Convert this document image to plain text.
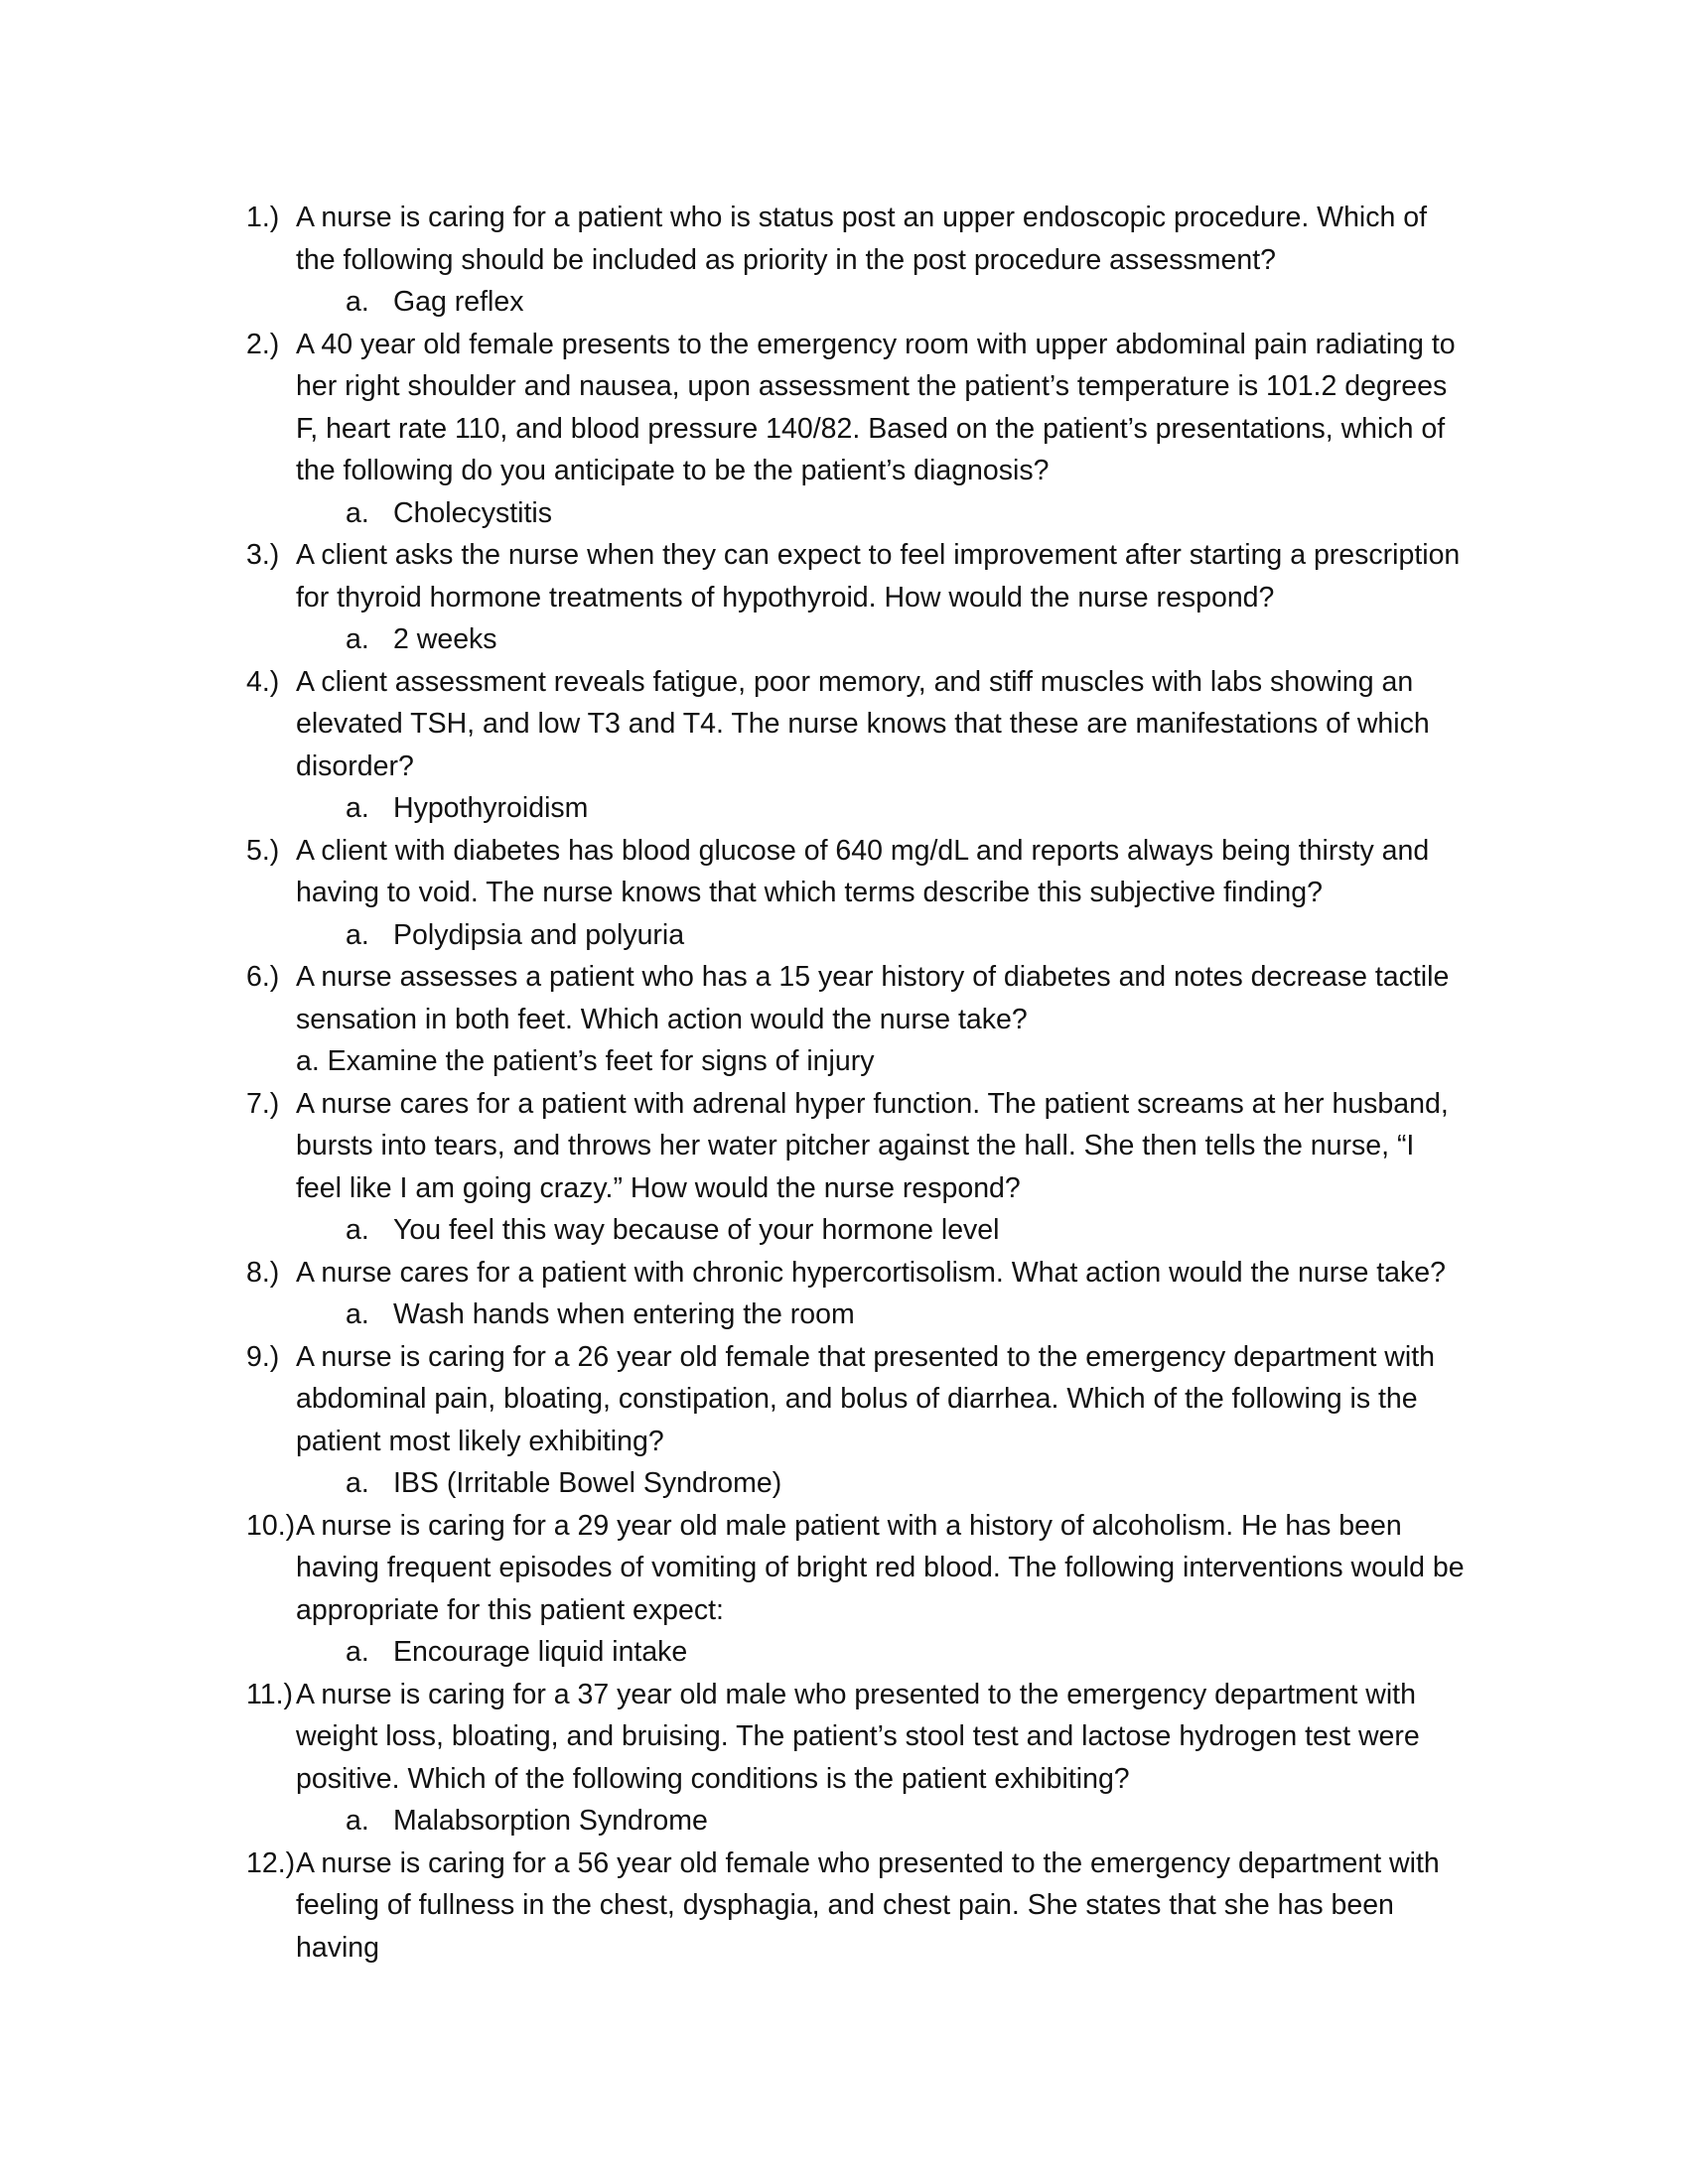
1.) A nurse is caring for a patient who is status post an upper endoscopic procedure. Which of the following should be included as priority in the post procedure assessment?
a. Gag reflex
2.) A 40 year old female presents to the emergency room with upper abdominal pain radiating to her right shoulder and nausea, upon assessment the patient’s temperature is 101.2 degrees F, heart rate 110, and blood pressure 140/82. Based on the patient’s presentations, which of the following do you anticipate to be the patient’s diagnosis?
a. Cholecystitis
3.) A client asks the nurse when they can expect to feel improvement after starting a prescription for thyroid hormone treatments of hypothyroid. How would the nurse respond?
a. 2 weeks
4.) A client assessment reveals fatigue, poor memory, and stiff muscles with labs showing an elevated TSH, and low T3 and T4. The nurse knows that these are manifestations of which disorder?
a. Hypothyroidism
5.) A client with diabetes has blood glucose of 640 mg/dL and reports always being thirsty and having to void. The nurse knows that which terms describe this subjective finding?
a. Polydipsia and polyuria
6.) A nurse assesses a patient who has a 15 year history of diabetes and notes decrease tactile sensation in both feet. Which action would the nurse take?
a. Examine the patient’s feet for signs of injury
7.) A nurse cares for a patient with adrenal hyper function. The patient screams at her husband, bursts into tears, and throws her water pitcher against the hall. She then tells the nurse, “I feel like I am going crazy.” How would the nurse respond?
a. You feel this way because of your hormone level
8.) A nurse cares for a patient with chronic hypercortisolism. What action would the nurse take?
a. Wash hands when entering the room
9.) A nurse is caring for a 26 year old female that presented to the emergency department with abdominal pain, bloating, constipation, and bolus of diarrhea. Which of the following is the patient most likely exhibiting?
a. IBS (Irritable Bowel Syndrome)
10.) A nurse is caring for a 29 year old male patient with a history of alcoholism. He has been having frequent episodes of vomiting of bright red blood. The following interventions would be appropriate for this patient expect:
a. Encourage liquid intake
11.) A nurse is caring for a 37 year old male who presented to the emergency department with weight loss, bloating, and bruising. The patient’s stool test and lactose hydrogen test were positive. Which of the following conditions is the patient exhibiting?
a. Malabsorption Syndrome
12.) A nurse is caring for a 56 year old female who presented to the emergency department with feeling of fullness in the chest, dysphagia, and chest pain. She states that she has been having
